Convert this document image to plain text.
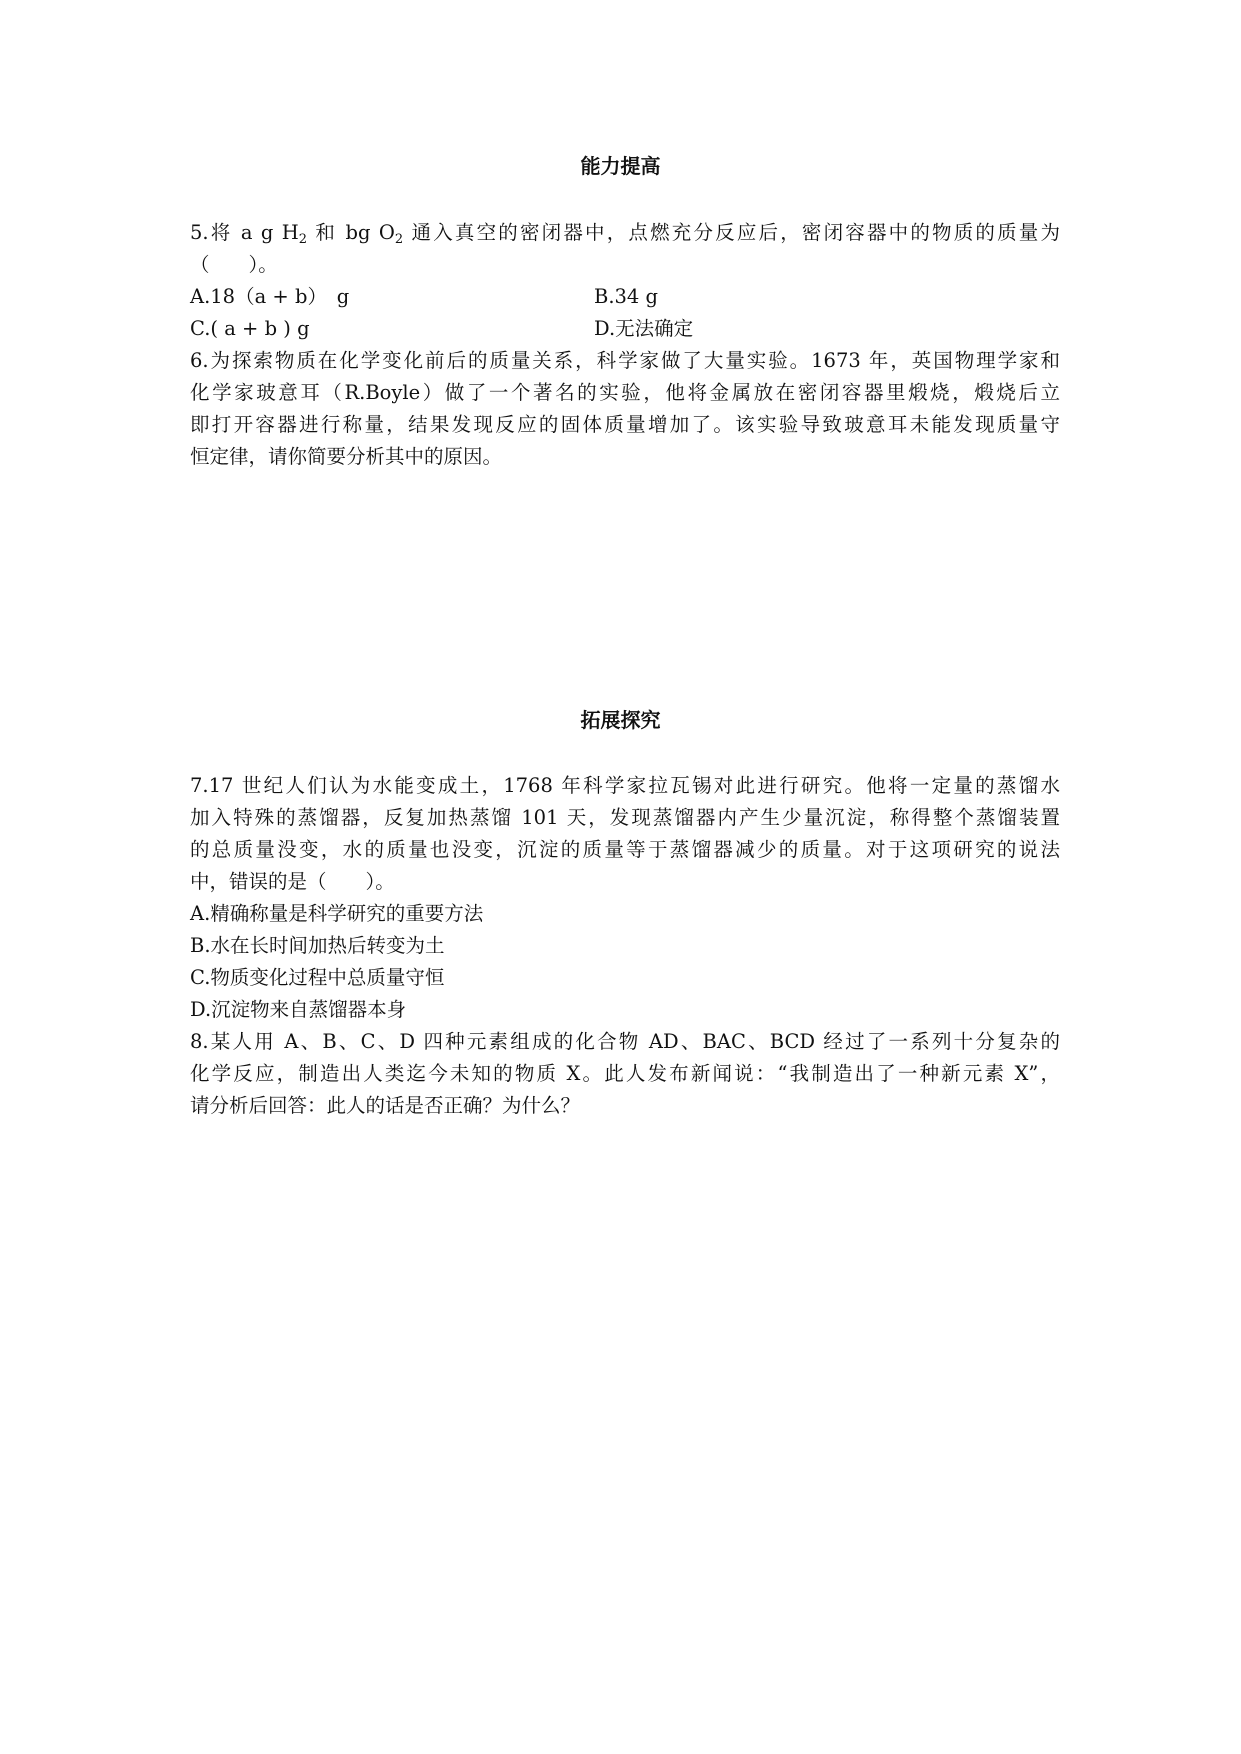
能力提高
5.将 a g $H_2$ 和 bg $O_2$ 通入真空的密闭器中，点燃充分反应后，密闭容器中的物质的质量为
（　　）。
A.18（a + b）　g	B.34 g
C.( a + b ) g	D.无法确定
6.为探索物质在化学变化前后的质量关系，科学家做了大量实验。1673 年，英国物理学家和
化学家玻意耳（R.Boyle）做了一个著名的实验，他将金属放在密闭容器里煅烧，煅烧后立
即打开容器进行称量，结果发现反应的固体质量增加了。该实验导致玻意耳未能发现质量守
恒定律，请你简要分析其中的原因。
拓展探究
7.17 世纪人们认为水能变成土，1768 年科学家拉瓦锡对此进行研究。他将一定量的蒸馏水
加入特殊的蒸馏器，反复加热蒸馏 101 天，发现蒸馏器内产生少量沉淀，称得整个蒸馏装置
的总质量没变，水的质量也没变，沉淀的质量等于蒸馏器减少的质量。对于这项研究的说法
中，错误的是（　　）。
A.精确称量是科学研究的重要方法
B.水在长时间加热后转变为土
C.物质变化过程中总质量守恒
D.沉淀物来自蒸馏器本身
8.某人用 A、B、C、D 四种元素组成的化合物 AD、BAC、BCD 经过了一系列十分复杂的
化学反应，制造出人类迄今未知的物质 X。此人发布新闻说：“我制造出了一种新元素 X”，
请分析后回答：此人的话是否正确？为什么？
